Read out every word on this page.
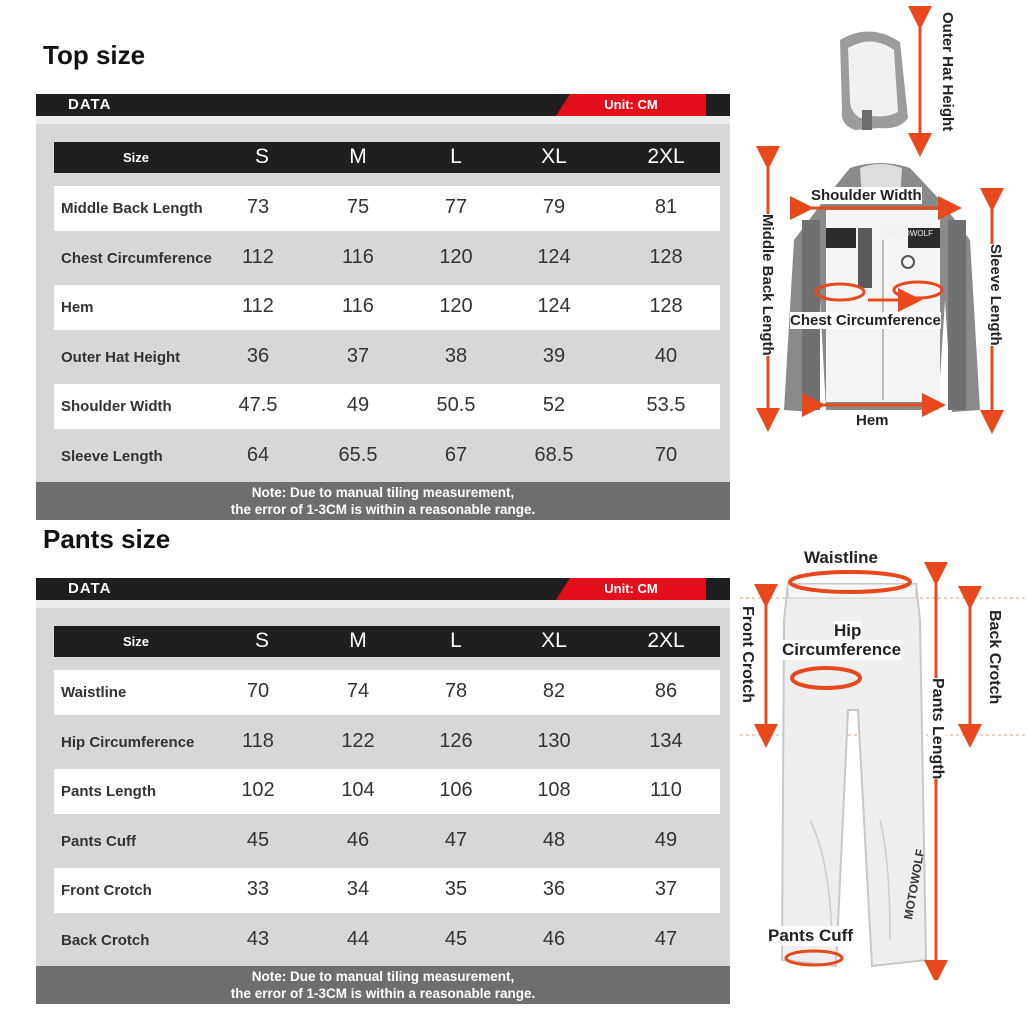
Top size
DATA	Unit: CM
Size	S	M	L	XL	2XL
Middle Back Length	73	75	77	79	81
Chest Circumference	112	116	120	124	128
Hem	112	116	120	124	128
Outer Hat Height	36	37	38	39	40
Shoulder Width	47.5	49	50.5	52	53.5
Sleeve Length	64	65.5	67	68.5	70
Note: Due to manual tiling measurement,
the error of 1-3CM is within a reasonable range.
Pants size
DATA	Unit: CM
Size	S	M	L	XL	2XL
Waistline	70	74	78	82	86
Hip Circumference	118	122	126	130	134
Pants Length	102	104	106	108	110
Pants Cuff	45	46	47	48	49
Front Crotch	33	34	35	36	37
Back Crotch	43	44	45	46	47
Note: Due to manual tiling measurement,
the error of 1-3CM is within a reasonable range.
MOTOWOLF
Outer Hat Height
Shoulder Width
Middle Back Length	Sleeve Length
Chest Circumference
Hem
MOTOWOLF
Waistline
Hip
Circumference
Front Crotch	Back Crotch
Pants Length
Pants Cuff
